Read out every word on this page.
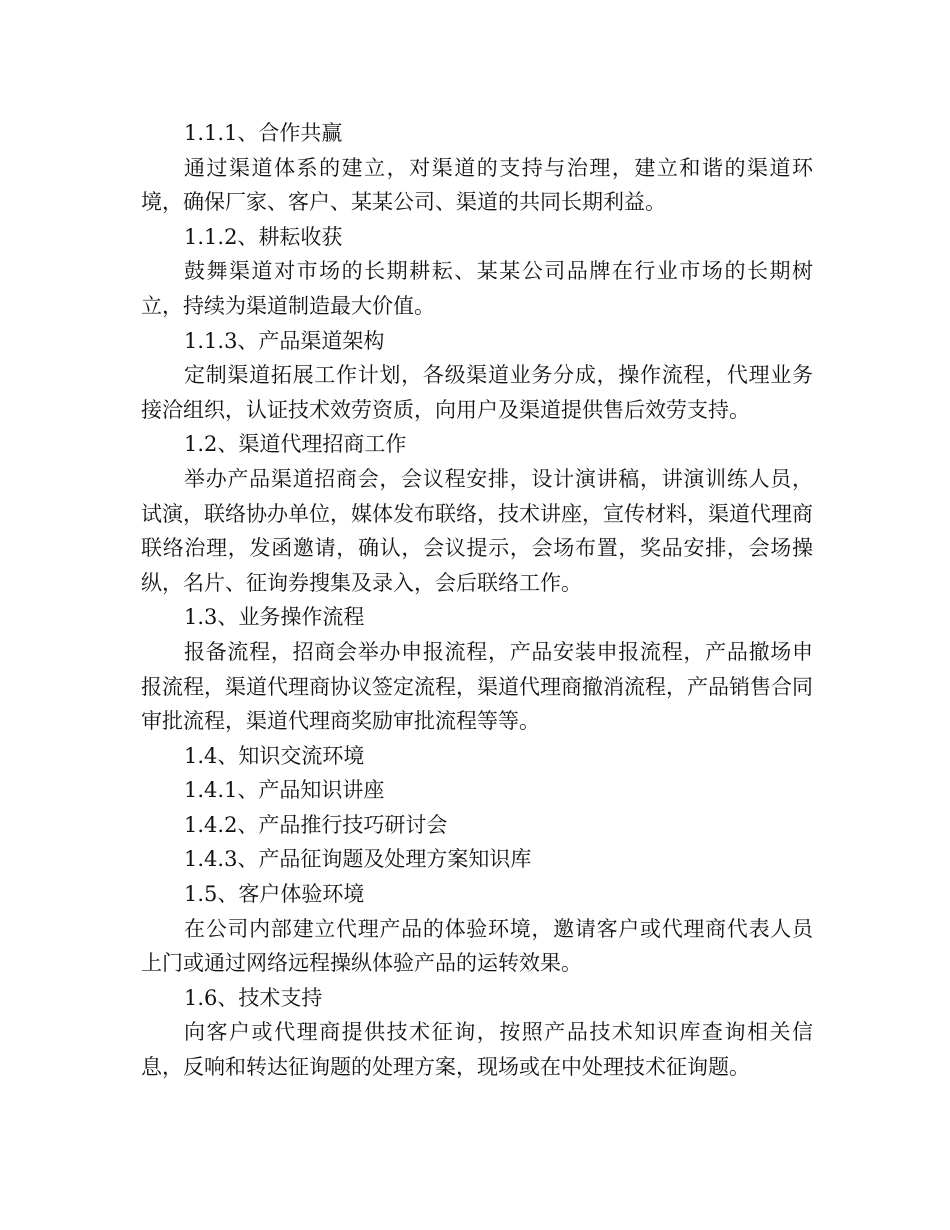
1.1.1、合作共赢

通过渠道体系的建立，对渠道的支持与治理，建立和谐的渠道环境，确保厂家、客户、某某公司、渠道的共同长期利益。

1.1.2、耕耘收获

鼓舞渠道对市场的长期耕耘、某某公司品牌在行业市场的长期树立，持续为渠道制造最大价值。

1.1.3、产品渠道架构

定制渠道拓展工作计划，各级渠道业务分成，操作流程，代理业务接洽组织，认证技术效劳资质，向用户及渠道提供售后效劳支持。

1.2、渠道代理招商工作

举办产品渠道招商会，会议程安排，设计演讲稿，讲演训练人员，试演，联络协办单位，媒体发布联络，技术讲座，宣传材料，渠道代理商联络治理，发函邀请，确认，会议提示，会场布置，奖品安排，会场操纵，名片、征询券搜集及录入，会后联络工作。

1.3、业务操作流程

报备流程，招商会举办申报流程，产品安装申报流程，产品撤场申报流程，渠道代理商协议签定流程，渠道代理商撤消流程，产品销售合同审批流程，渠道代理商奖励审批流程等等。

1.4、知识交流环境

1.4.1、产品知识讲座

1.4.2、产品推行技巧研讨会

1.4.3、产品征询题及处理方案知识库

1.5、客户体验环境

在公司内部建立代理产品的体验环境，邀请客户或代理商代表人员上门或通过网络远程操纵体验产品的运转效果。

1.6、技术支持

向客户或代理商提供技术征询，按照产品技术知识库查询相关信息，反响和转达征询题的处理方案，现场或在中处理技术征询题。
